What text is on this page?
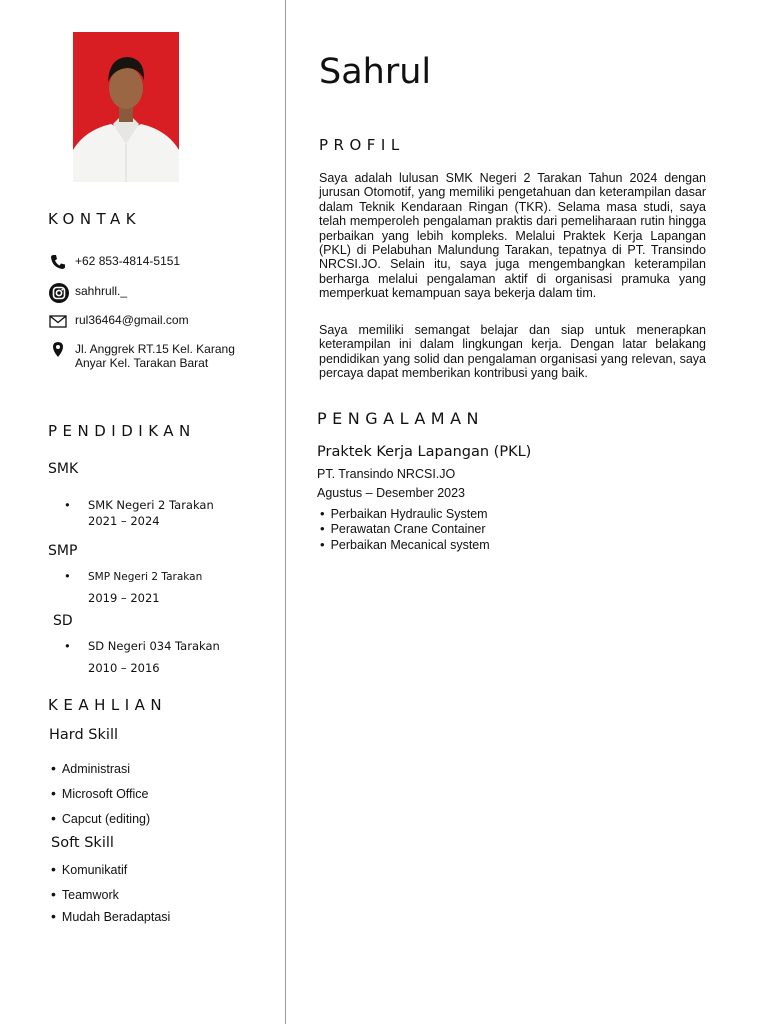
KONTAK
+62 853-4814-5151
sahhrull._
rul36464@gmail.com
Jl. Anggrek RT.15 Kel. Karang Anyar Kel. Tarakan Barat
PENDIDIKAN
SMK
• SMK Negeri 2 Tarakan
2021 – 2024
SMP
• SMP Negeri 2 Tarakan
2019 – 2021
SD
• SD Negeri 034 Tarakan
2010 – 2016
KEAHLIAN
Hard Skill
• Administrasi
• Microsoft Office
• Capcut (editing)
Soft Skill
• Komunikatif
• Teamwork
• Mudah Beradaptasi
Sahrul
PROFIL
Saya adalah lulusan SMK Negeri 2 Tarakan Tahun 2024 dengan jurusan Otomotif, yang memiliki pengetahuan dan keterampilan dasar dalam Teknik Kendaraan Ringan (TKR). Selama masa studi, saya telah memperoleh pengalaman praktis dari pemeliharaan rutin hingga perbaikan yang lebih kompleks. Melalui Praktek Kerja Lapangan (PKL) di Pelabuhan Malundung Tarakan, tepatnya di PT. Transindo NRCSI.JO. Selain itu, saya juga mengembangkan keterampilan berharga melalui pengalaman aktif di organisasi pramuka yang memperkuat kemampuan saya bekerja dalam tim.
Saya memiliki semangat belajar dan siap untuk menerapkan keterampilan ini dalam lingkungan kerja. Dengan latar belakang pendidikan yang solid dan pengalaman organisasi yang relevan, saya percaya dapat memberikan kontribusi yang baik.
PENGALAMAN
Praktek Kerja Lapangan (PKL)
PT. Transindo NRCSI.JO
Agustus – Desember 2023
• Perbaikan Hydraulic System
• Perawatan Crane Container
• Perbaikan Mecanical system
